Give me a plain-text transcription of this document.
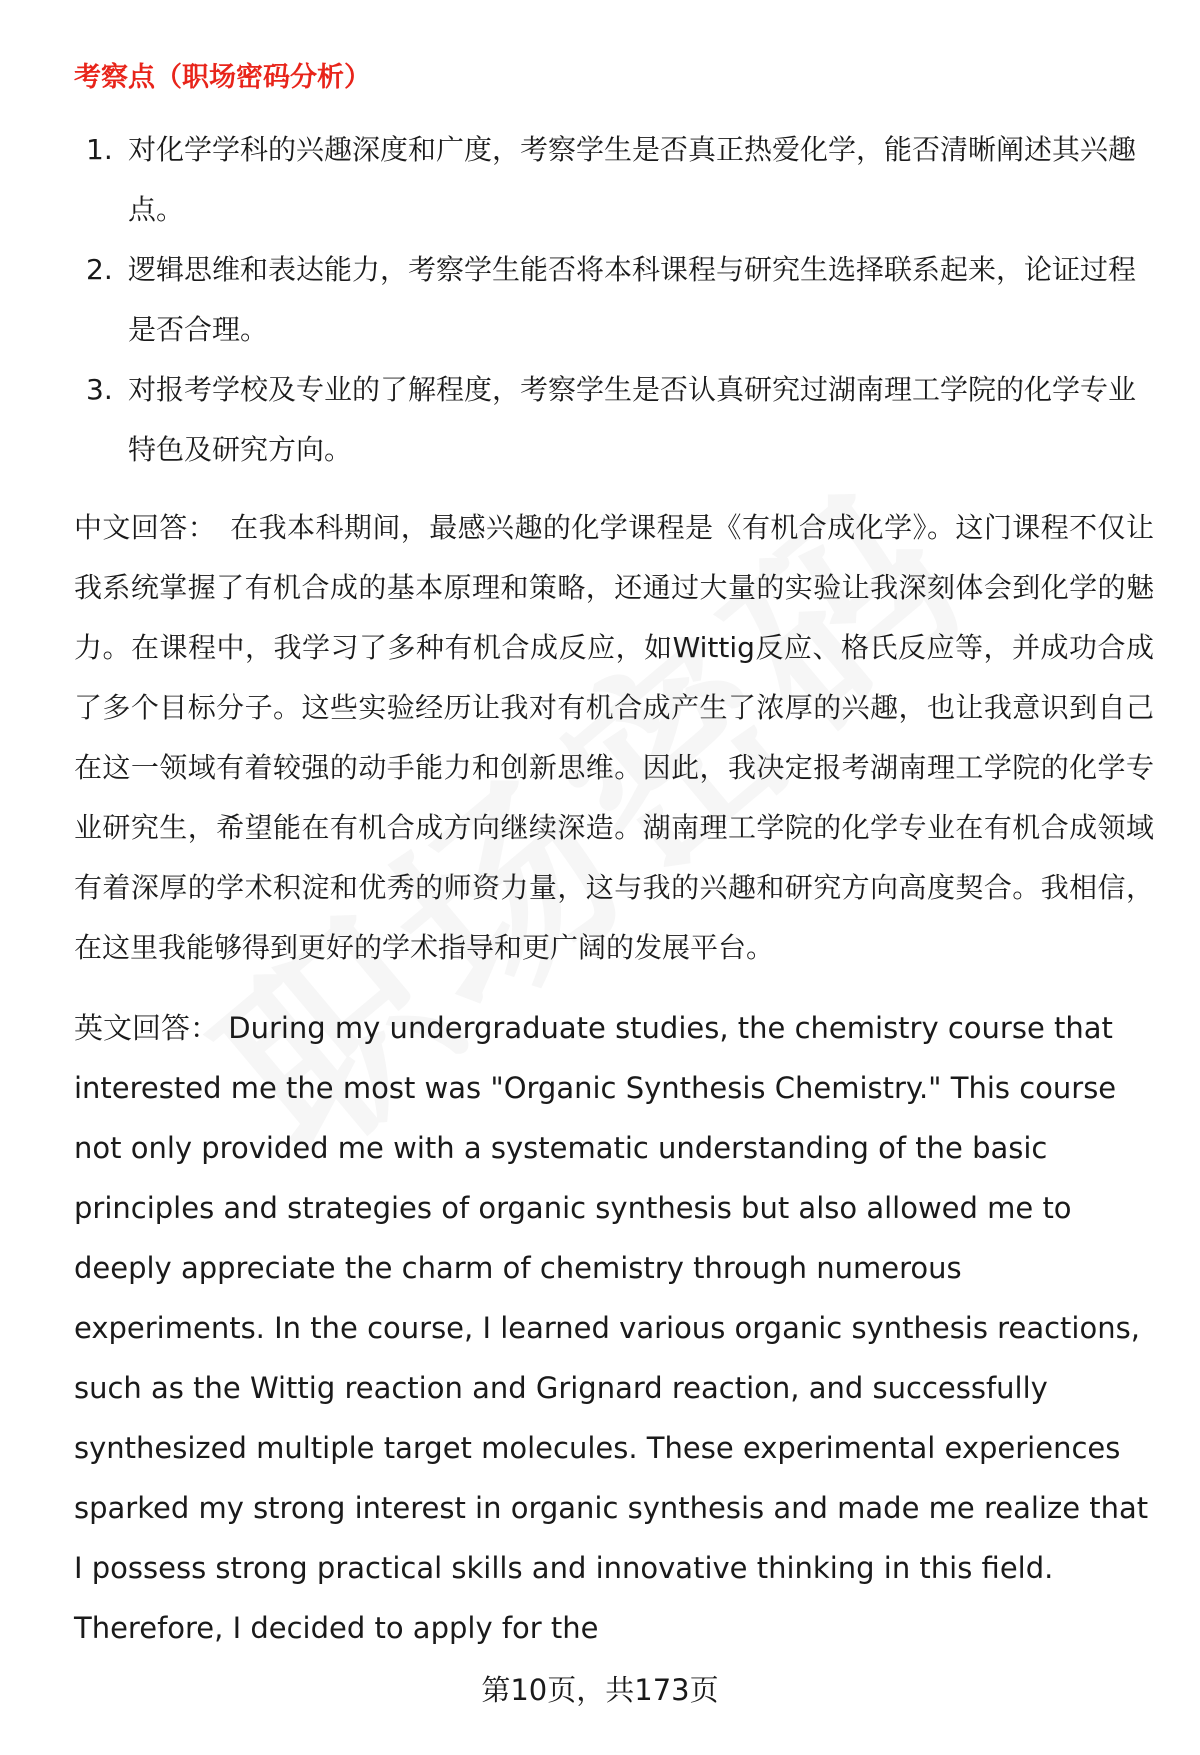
考察点（职场密码分析）
1. 对化学学科的兴趣深度和广度，考察学生是否真正热爱化学，能否清晰阐述其兴趣点。
2. 逻辑思维和表达能力，考察学生能否将本科课程与研究生选择联系起来，论证过程是否合理。
3. 对报考学校及专业的了解程度，考察学生是否认真研究过湖南理工学院的化学专业特色及研究方向。

中文回答： 在我本科期间，最感兴趣的化学课程是《有机合成化学》。这门课程不仅让我系统掌握了有机合成的基本原理和策略，还通过大量的实验让我深刻体会到化学的魅力。在课程中，我学习了多种有机合成反应，如Wittig反应、格氏反应等，并成功合成了多个目标分子。这些实验经历让我对有机合成产生了浓厚的兴趣，也让我意识到自己在这一领域有着较强的动手能力和创新思维。因此，我决定报考湖南理工学院的化学专业研究生，希望能在有机合成方向继续深造。湖南理工学院的化学专业在有机合成领域有着深厚的学术积淀和优秀的师资力量，这与我的兴趣和研究方向高度契合。我相信，在这里我能够得到更好的学术指导和更广阔的发展平台。

英文回答： During my undergraduate studies, the chemistry course that interested me the most was "Organic Synthesis Chemistry." This course not only provided me with a systematic understanding of the basic principles and strategies of organic synthesis but also allowed me to deeply appreciate the charm of chemistry through numerous experiments. In the course, I learned various organic synthesis reactions, such as the Wittig reaction and Grignard reaction, and successfully synthesized multiple target molecules. These experimental experiences sparked my strong interest in organic synthesis and made me realize that I possess strong practical skills and innovative thinking in this field. Therefore, I decided to apply for the

第10页，共173页
